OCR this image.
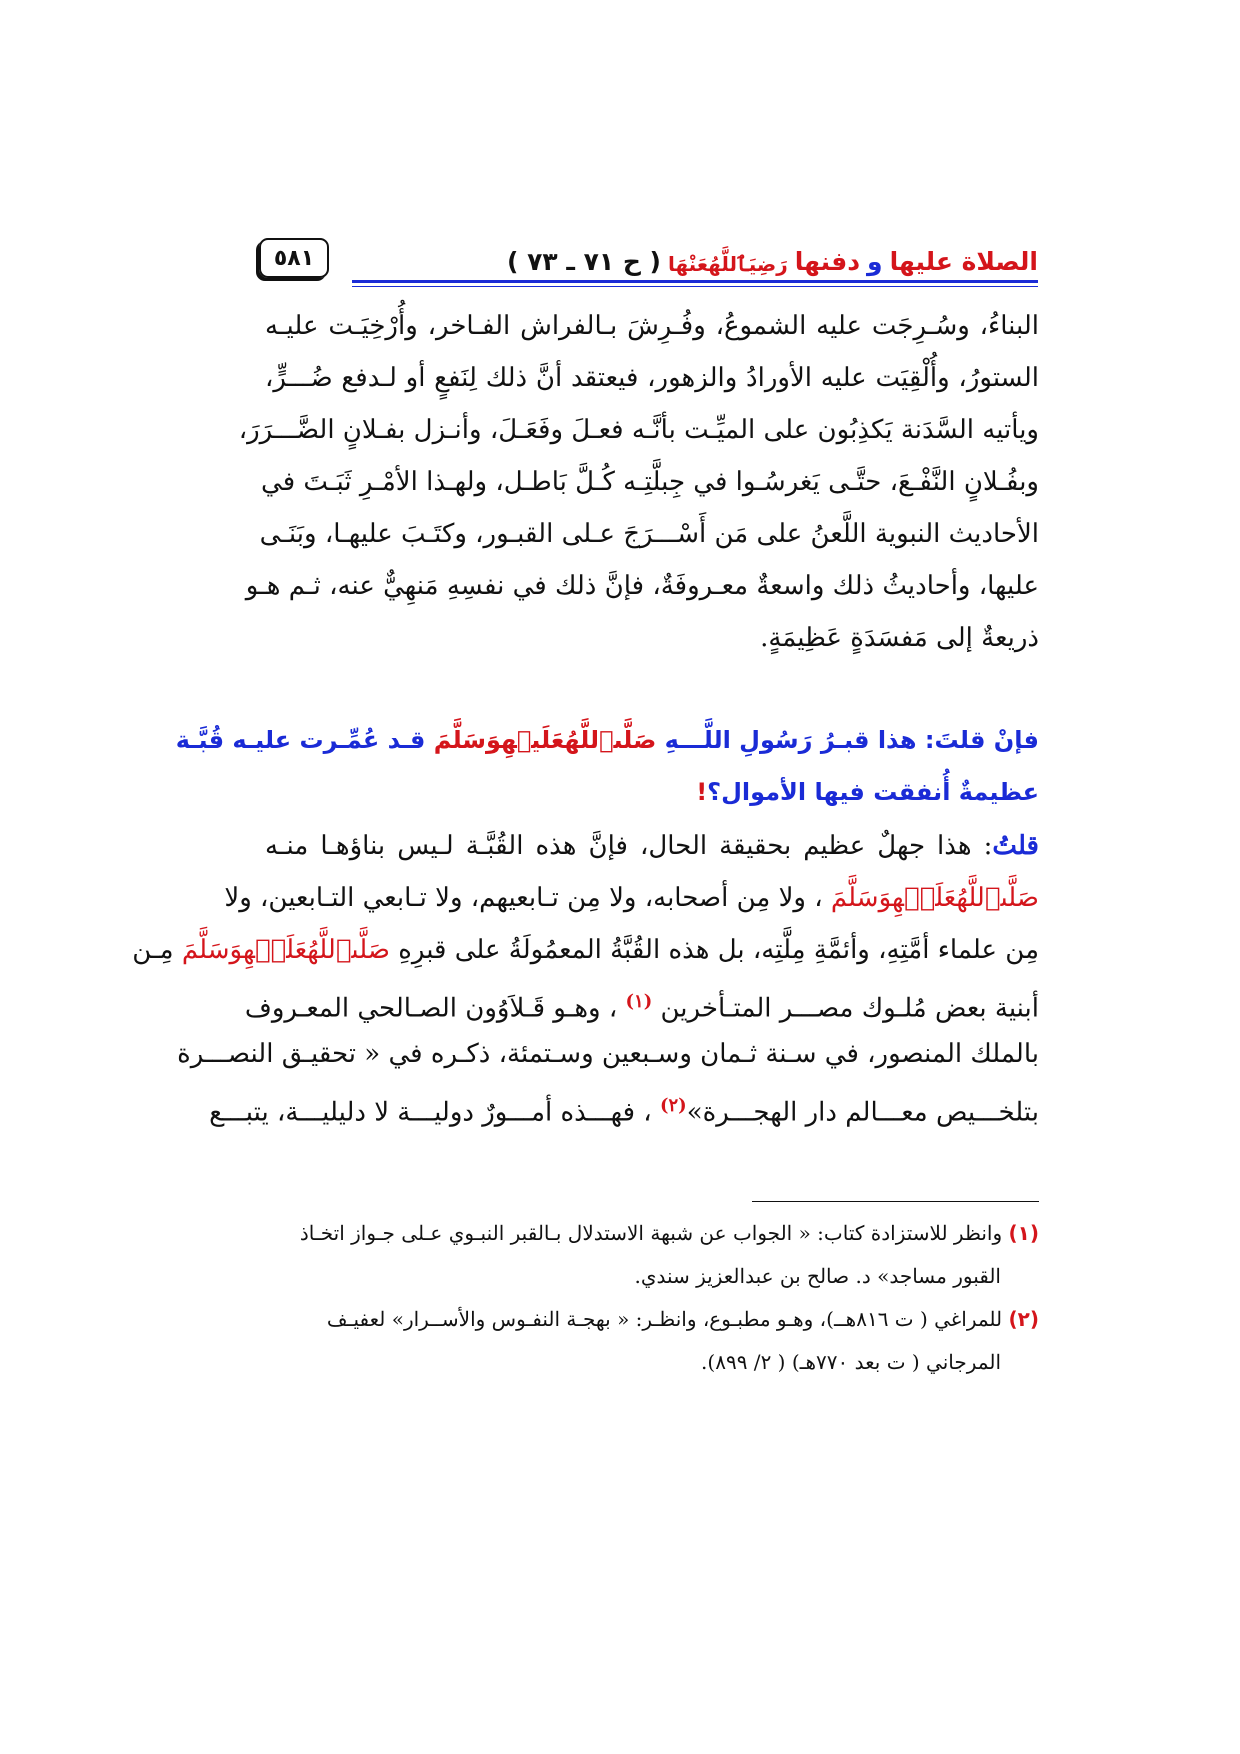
الصلاة عليها
و
دفنها
رَضِيَٱللَّهُعَنْهَا
( ح ٧١ ـ ٧٣ )
٥٨١
البناءُ، وسُـرِجَت عليه الشموعُ، وفُـرِشَ بـالفراش الفـاخر، وأُرْخِيَـت عليـه
الستورُ، وأُلْقِيَت عليه الأورادُ والزهور، فيعتقد أنَّ ذلك لِنَفعٍ أو لـدفع ضُـــرٍّ،
ويأتيه السَّدَنة يَكذِبُون على الميِّـت بأنَّـه فعـلَ وفَعَـلَ، وأنـزل بفـلانٍ الضَّـــرَرَ،
وبفُـلانٍ النَّفْـعَ، حتَّـى يَغرسُـوا في جِبلَّتِـه كُـلَّ بَاطـل، ولهـذا الأمْـرِ ثَبَـتَ في
الأحاديث النبوية اللَّعنُ على مَن أَسْـــرَجَ عـلى القبـور، وكتَـبَ عليهـا، وبَنَـى
عليها، وأحاديثُ ذلك واسعةٌ معـروفَةٌ، فإنَّ ذلك في نفسِهِ مَنهِيٌّ عنه، ثـم هـو
ذريعةٌ إلى مَفسَدَةٍ عَظِيمَةٍ.
فإنْ قلتَ: هذا قبـرُ رَسُولِ اللَّـــهِ صَلَّىٱللَّهُعَلَيۡهِوَسَلَّمَ قـد عُمِّـرت عليـه قُبَّـة
عظيمةٌ أُنفقت فيها الأموال؟!
قلتُ: هذا جهلٌ عظيم بحقيقة الحال، فإنَّ هذه القُبَّـة لـيس بناؤهـا منـه
صَلَّىٱللَّهُعَلَيۡهِوَسَلَّمَ ، ولا مِن أصحابه، ولا مِن تـابعيهم، ولا تـابعي التـابعين، ولا
مِن علماء أمَّتِهِ، وأئمَّةِ مِلَّتِه، بل هذه القُبَّةُ المعمُولَةُ على قبرِهِ صَلَّىٱللَّهُعَلَيۡهِوَسَلَّمَ مِـن
أبنية بعض مُلـوك مصـــر المتـأخرين $^{(١)}$ ، وهـو قَـلاَوُون الصـالحي المعـروف
بالملك المنصور، في سـنة ثـمان وسـبعين وسـتمئة، ذكـره في « تحقيـق النصـــرة
بتلخـــيص معـــالم دار الهجـــرة»$^{(٢)}$ ، فهـــذه أمـــورٌ دوليـــة لا دليليـــة، يتبـــع
(١) وانظر للاستزادة كتاب: « الجواب عن شبهة الاستدلال بـالقبر النبـوي عـلى جـواز اتخـاذ
القبور مساجد» د. صالح بن عبدالعزيز سندي.
(٢) للمراغي ( ت ٨١٦هــ)، وهـو مطبـوع، وانظـر: « بهجـة النفـوس والأســرار» لعفيـف
المرجاني ( ت بعد ٧٧٠هـ) ( ٢/ ٨٩٩).
